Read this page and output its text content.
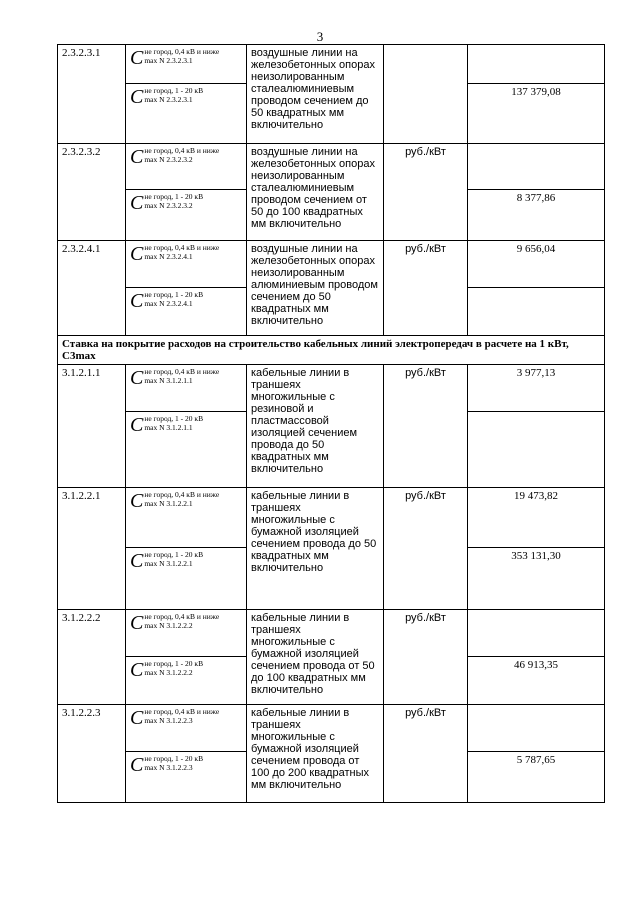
3
2.3.2.3.1	C не город, 0,4 кВ и ниже
max N 2.3.2.3.1	воздушные линии на железобетонных опорах неизолированным сталеалюминиевым проводом сечением до 50 квадратных мм включительно		

	C не город, 1 - 20 кВ
max N 2.3.2.3.1			137 379,08
2.3.2.3.2	C не город, 0,4 кВ и ниже
max N 2.3.2.3.2	воздушные линии на железобетонных опорах неизолированным сталеалюминиевым проводом сечением от 50 до 100 квадратных мм включительно	руб./кВт	

	C не город, 1 - 20 кВ
max N 2.3.2.3.2			8 377,86
2.3.2.4.1	C не город, 0,4 кВ и ниже
max N 2.3.2.4.1	воздушные линии на железобетонных опорах неизолированным алюминиевым проводом сечением до 50 квадратных мм включительно	руб./кВт	9 656,04

	C не город, 1 - 20 кВ
max N 2.3.2.4.1			

Ставка на покрытие расходов на строительство кабельных линий электропередач в расчете на 1 кВт, С3max				
3.1.2.1.1	C не город, 0,4 кВ и ниже
max N 3.1.2.1.1	кабельные линии в траншеях многожильные с резиновой и пластмассовой изоляцией сечением провода до 50 квадратных мм включительно	руб./кВт	3 977,13

	C не город, 1 - 20 кВ
max N 3.1.2.1.1			

3.1.2.2.1	C не город, 0,4 кВ и ниже
max N 3.1.2.2.1	кабельные линии в траншеях многожильные с бумажной изоляцией сечением провода до 50 квадратных мм включительно	руб./кВт	19 473,82

	C не город, 1 - 20 кВ
max N 3.1.2.2.1			353 131,30
3.1.2.2.2	C не город, 0,4 кВ и ниже
max N 3.1.2.2.2	кабельные линии в траншеях многожильные с бумажной изоляцией сечением провода от 50 до 100 квадратных мм включительно	руб./кВт	

	C не город, 1 - 20 кВ
max N 3.1.2.2.2			46 913,35
3.1.2.2.3	C не город, 0,4 кВ и ниже
max N 3.1.2.2.3	кабельные линии в траншеях многожильные с бумажной изоляцией сечением провода от 100 до 200 квадратных мм включительно	руб./кВт	

	C не город, 1 - 20 кВ
max N 3.1.2.2.3			5 787,65
